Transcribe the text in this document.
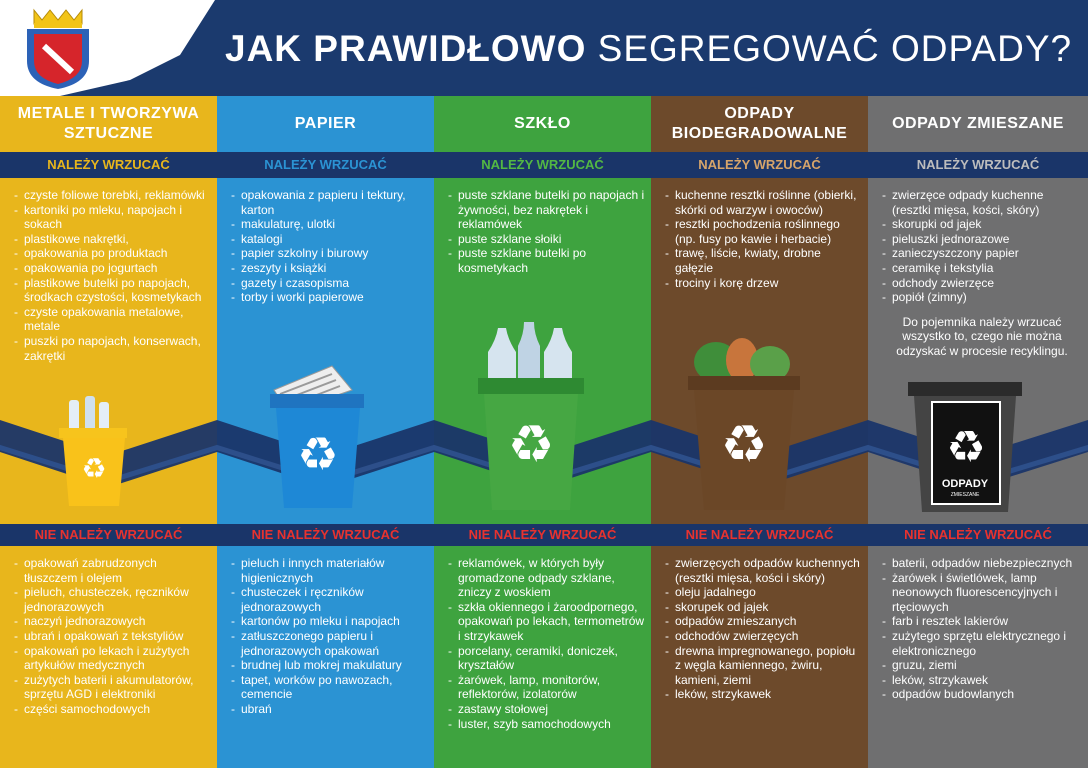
JAK PRAWIDŁOWO SEGREGOWAĆ ODPADY?
METALE I TWORZYWA SZTUCZNE
NALEŻY WRZUCAĆ
- czyste foliowe torebki, reklamówki
- kartoniki po mleku, napojach i sokach
- plastikowe nakrętki,
- opakowania po produktach
- opakowania po jogurtach
- plastikowe butelki po napojach, środkach czystości, kosmetykach
- czyste opakowania metalowe, metale
- puszki po napojach, konserwach, zakrętki
NIE NALEŻY WRZUCAĆ
- opakowań zabrudzonych tłuszczem i olejem
- pieluch, chusteczek, ręczników jednorazowych
- naczyń jednorazowych
- ubrań i opakowań z tekstyliów
- opakowań po lekach i zużytych artykułów medycznych
- zużytych baterii i akumulatorów, sprzętu AGD i elektroniki
- części samochodowych
PAPIER
NALEŻY WRZUCAĆ
- opakowania z papieru i tektury, karton
- makulaturę, ulotki
- katalogi
- papier szkolny i biurowy
- zeszyty i książki
- gazety i czasopisma
- torby i worki papierowe
NIE NALEŻY WRZUCAĆ
- pieluch i innych materiałów higienicznych
- chusteczek i ręczników jednorazowych
- kartonów po mleku i napojach
- zatłuszczonego papieru i jednorazowych opakowań
- brudnej lub mokrej makulatury
- tapet, worków po nawozach, cemencie
- ubrań
SZKŁO
NALEŻY WRZUCAĆ
- puste szklane butelki po napojach i żywności, bez nakrętek i reklamówek
- puste szklane słoiki
- puste szklane butelki po kosmetykach
NIE NALEŻY WRZUCAĆ
- reklamówek, w których były gromadzone odpady szklane, zniczy z woskiem
- szkła okiennego i żaroodpornego, opakowań po lekach, termometrów i strzykawek
- porcelany, ceramiki, doniczek, kryształów
- żarówek, lamp, monitorów, reflektorów, izolatorów
- zastawy stołowej
- luster, szyb samochodowych
ODPADY BIODEGRADOWALNE
NALEŻY WRZUCAĆ
- kuchenne resztki roślinne (obierki, skórki od warzyw i owoców)
- resztki pochodzenia roślinnego (np. fusy po kawie i herbacie)
- trawę, liście, kwiaty, drobne gałęzie
- trociny i korę drzew
NIE NALEŻY WRZUCAĆ
- zwierzęcych odpadów kuchennych (resztki mięsa, kości i skóry)
- oleju jadalnego
- skorupek od jajek
- odpadów zmieszanych
- odchodów zwierzęcych
- drewna impregnowanego, popiołu z węgla kamiennego, żwiru, kamieni, ziemi
- leków, strzykawek
ODPADY ZMIESZANE
NALEŻY WRZUCAĆ
- zwierzęce odpady kuchenne (resztki mięsa, kości, skóry)
- skorupki od jajek
- pieluszki jednorazowe
- zanieczyszczony papier
- ceramikę i tekstylia
- odchody zwierzęce
- popiół (zimny)
Do pojemnika należy wrzucać wszystko to, czego nie można odzyskać w procesie recyklingu.
NIE NALEŻY WRZUCAĆ
- baterii, odpadów niebezpiecznych
- żarówek i świetlówek, lamp neonowych fluorescencyjnych i rtęciowych
- farb i resztek lakierów
- zużytego sprzętu elektrycznego i elektronicznego
- gruzu, ziemi
- leków, strzykawek
- odpadów budowlanych
♻	♻	♻	♻	♻
ODPADY
ZMIESZANE
